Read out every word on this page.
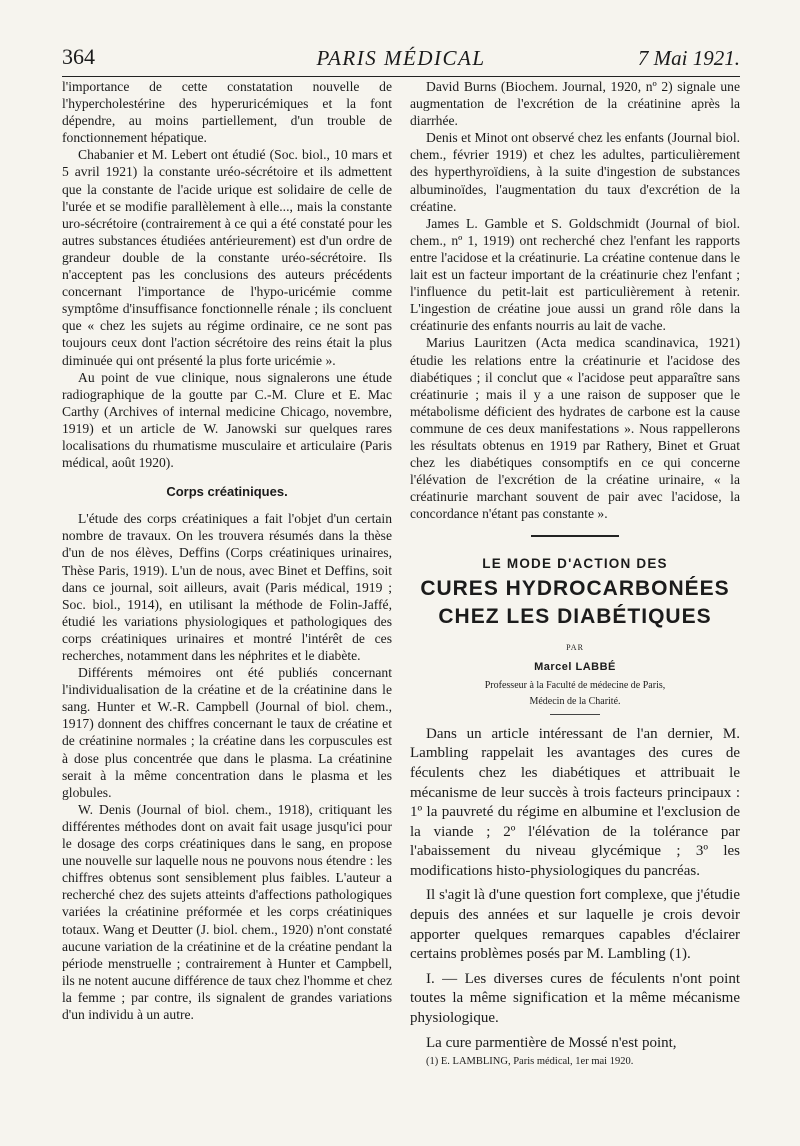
364	PARIS MÉDICAL	7 Mai 1921.

l'importance de cette constatation nouvelle de l'hypercholestérine des hyperuricémiques et la font dépendre, au moins partiellement, d'un trouble de fonctionnement hépatique.

Chabanier et M. Lebert ont étudié (Soc. biol., 10 mars et 5 avril 1921) la constante uréo-sécrétoire et ils admettent que la constante de l'acide urique est solidaire de celle de l'urée et se modifie parallèlement à elle..., mais la constante uro-sécrétoire (contrairement à ce qui a été constaté pour les autres substances étudiées antérieurement) est d'un ordre de grandeur double de la constante uréo-sécrétoire. Ils n'acceptent pas les conclusions des auteurs précédents concernant l'importance de l'hypo-uricémie comme symptôme d'insuffisance fonctionnelle rénale ; ils concluent que « chez les sujets au régime ordinaire, ce ne sont pas toujours ceux dont l'action sécrétoire des reins était la plus diminuée qui ont présenté la plus forte uricémie ».

Au point de vue clinique, nous signalerons une étude radiographique de la goutte par C.-M. Clure et E. Mac Carthy (Archives of internal medicine Chicago, novembre, 1919) et un article de W. Janowski sur quelques rares localisations du rhumatisme musculaire et articulaire (Paris médical, août 1920).

Corps créatiniques.

L'étude des corps créatiniques a fait l'objet d'un certain nombre de travaux. On les trouvera résumés dans la thèse d'un de nos élèves, Deffins (Corps créatiniques urinaires, Thèse Paris, 1919). L'un de nous, avec Binet et Deffins, soit dans ce journal, soit ailleurs, avait (Paris médical, 1919 ; Soc. biol., 1914), en utilisant la méthode de Folin-Jaffé, étudié les variations physiologiques et pathologiques des corps créatiniques urinaires et montré l'intérêt de ces recherches, notamment dans les néphrites et le diabète.

Différents mémoires ont été publiés concernant l'individualisation de la créatine et de la créatinine dans le sang. Hunter et W.-R. Campbell (Journal of biol. chem., 1917) donnent des chiffres concernant le taux de créatine et de créatinine normales ; la créatine dans les corpuscules est à dose plus concentrée que dans le plasma. La créatinine serait à la même concentration dans le plasma et les globules.

W. Denis (Journal of biol. chem., 1918), critiquant les différentes méthodes dont on avait fait usage jusqu'ici pour le dosage des corps créatiniques dans le sang, en propose une nouvelle sur laquelle nous ne pouvons nous étendre : les chiffres obtenus sont sensiblement plus faibles. L'auteur a recherché chez des sujets atteints d'affections pathologiques variées la créatinine préformée et les corps créatiniques totaux. Wang et Deutter (J. biol. chem., 1920) n'ont constaté aucune variation de la créatinine et de la créatine pendant la période menstruelle ; contrairement à Hunter et Campbell, ils ne notent aucune différence de taux chez l'homme et chez la femme ; par contre, ils signalent de grandes variations d'un individu à un autre.

David Burns (Biochem. Journal, 1920, nº 2) signale une augmentation de l'excrétion de la créatinine après la diarrhée.

Denis et Minot ont observé chez les enfants (Journal biol. chem., février 1919) et chez les adultes, particulièrement des hyperthyroïdiens, à la suite d'ingestion de substances albuminoïdes, l'augmentation du taux d'excrétion de la créatine.

James L. Gamble et S. Goldschmidt (Journal of biol. chem., nº 1, 1919) ont recherché chez l'enfant les rapports entre l'acidose et la créatinurie. La créatine contenue dans le lait est un facteur important de la créatinurie chez l'enfant ; l'influence du petit-lait est particulièrement à retenir. L'ingestion de créatine joue aussi un grand rôle dans la créatinurie des enfants nourris au lait de vache.

Marius Lauritzen (Acta medica scandinavica, 1921) étudie les relations entre la créatinurie et l'acidose des diabétiques ; il conclut que « l'acidose peut apparaître sans créatinurie ; mais il y a une raison de supposer que le métabolisme déficient des hydrates de carbone est la cause commune de ces deux manifestations ». Nous rappellerons les résultats obtenus en 1919 par Rathery, Binet et Gruat chez les diabétiques consomptifs en ce qui concerne l'élévation de l'excrétion de la créatine urinaire, « la créatinurie marchant souvent de pair avec l'acidose, la concordance n'étant pas constante ».

LE MODE D'ACTION DES
CURES HYDROCARBONÉES
CHEZ LES DIABÉTIQUES
PAR
Marcel LABBÉ
Professeur à la Faculté de médecine de Paris,
Médecin de la Charité.

Dans un article intéressant de l'an dernier, M. Lambling rappelait les avantages des cures de féculents chez les diabétiques et attribuait le mécanisme de leur succès à trois facteurs principaux : 1º la pauvreté du régime en albumine et l'exclusion de la viande ; 2º l'élévation de la tolérance par l'abaissement du niveau glycémique ; 3º les modifications histo-physiologiques du pancréas.

Il s'agit là d'une question fort complexe, que j'étudie depuis des années et sur laquelle je crois devoir apporter quelques remarques capables d'éclairer certains problèmes posés par M. Lambling (1).

I. — Les diverses cures de féculents n'ont point toutes la même signification et la même mécanisme physiologique.

La cure parmentière de Mossé n'est point,

(1) E. LAMBLING, Paris médical, 1er mai 1920.
